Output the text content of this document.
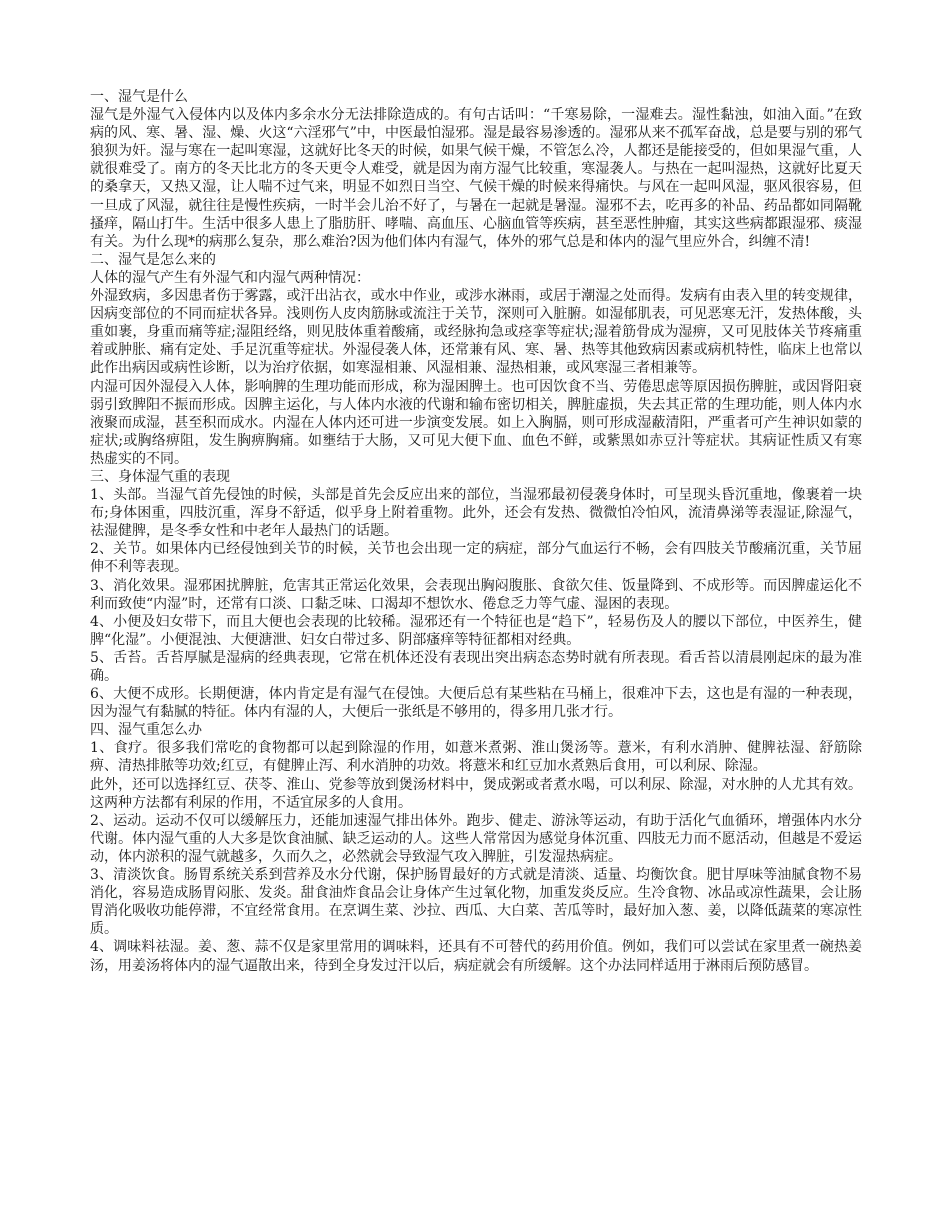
一、湿气是什么

湿气是外湿气入侵体内以及体内多余水分无法排除造成的。有句古话叫：“千寒易除，一湿难去。湿性黏浊，如油入面。”在致病的风、寒、暑、湿、燥、火这“六淫邪气”中，中医最怕湿邪。湿是最容易渗透的。湿邪从来不孤军奋战，总是要与别的邪气狼狈为奸。湿与寒在一起叫寒湿，这就好比冬天的时候，如果气候干燥，不管怎么冷，人都还是能接受的，但如果湿气重，人就很难受了。南方的冬天比北方的冬天更令人难受，就是因为南方湿气比较重，寒湿袭人。与热在一起叫湿热，这就好比夏天的桑拿天，又热又湿，让人喘不过气来，明显不如烈日当空、气候干燥的时候来得痛快。与风在一起叫风湿，驱风很容易，但一旦成了风湿，就往往是慢性疾病，一时半会儿治不好了，与暑在一起就是暑湿。湿邪不去，吃再多的补品、药品都如同隔靴搔痒，隔山打牛。生活中很多人患上了脂肪肝、哮喘、高血压、心脑血管等疾病，甚至恶性肿瘤，其实这些病都跟湿邪、痰湿有关。为什么现*的病那么复杂，那么难治?因为他们体内有湿气，体外的邪气总是和体内的湿气里应外合，纠缠不清!

二、湿气是怎么来的

人体的湿气产生有外湿气和内湿气两种情况：

外湿致病，多因患者伤于雾露，或汗出沾衣，或水中作业，或涉水淋雨，或居于潮湿之处而得。发病有由表入里的转变规律，因病变部位的不同而症状各异。浅则伤人皮肉筋脉或流注于关节，深则可入脏腑。如湿郁肌表，可见恶寒无汗，发热体酸，头重如裹，身重而痛等症;湿阻经络，则见肢体重着酸痛，或经脉拘急或痉挛等症状;湿着筋骨成为湿痹，又可见肢体关节疼痛重着或肿胀、痛有定处、手足沉重等症状。外湿侵袭人体，还常兼有风、寒、暑、热等其他致病因素或病机特性，临床上也常以此作出病因或病性诊断，以为治疗依据，如寒湿相兼、风湿相兼、湿热相兼，或风寒湿三者相兼等。

内湿可因外湿侵入人体，影响脾的生理功能而形成，称为湿困脾土。也可因饮食不当、劳倦思虑等原因损伤脾脏，或因肾阳衰弱引致脾阳不振而形成。因脾主运化，与人体内水液的代谢和输布密切相关，脾脏虚损，失去其正常的生理功能，则人体内水液聚而成湿，甚至积而成水。内湿在人体内还可进一步演变发展。如上入胸膈，则可形成湿蔽清阳，严重者可产生神识如蒙的症状;或胸络痹阻，发生胸痹胸痛。如壅结于大肠，又可见大便下血、血色不鲜，或紫黑如赤豆汁等症状。其病证性质又有寒热虚实的不同。

三、身体湿气重的表现

1、头部。当湿气首先侵蚀的时候，头部是首先会反应出来的部位，当湿邪最初侵袭身体时，可呈现头昏沉重地，像裹着一块布;身体困重，四肢沉重，浑身不舒适，似乎身上附着重物。此外，还会有发热、微微怕冷怕风，流清鼻涕等表湿证,除湿气，祛湿健脾，是冬季女性和中老年人最热门的话题。

2、关节。如果体内已经侵蚀到关节的时候，关节也会出现一定的病症，部分气血运行不畅，会有四肢关节酸痛沉重，关节屈伸不利等表现。

3、消化效果。湿邪困扰脾脏，危害其正常运化效果，会表现出胸闷腹胀、食欲欠佳、饭量降到、不成形等。而因脾虚运化不利而致使“内湿”时，还常有口淡、口黏乏味、口渴却不想饮水、倦怠乏力等气虚、湿困的表现。

4、小便及妇女带下，而且大便也会表现的比较稀。湿邪还有一个特征也是“趋下”，轻易伤及人的腰以下部位，中医养生，健脾“化湿”。小便混浊、大便溏泄、妇女白带过多、阴部瘙痒等特征都相对经典。

5、舌苔。舌苔厚腻是湿病的经典表现，它常在机体还没有表现出突出病态态势时就有所表现。看舌苔以清晨刚起床的最为准确。

6、大便不成形。长期便溏，体内肯定是有湿气在侵蚀。大便后总有某些粘在马桶上，很难冲下去，这也是有湿的一种表现，因为湿气有黏腻的特征。体内有湿的人，大便后一张纸是不够用的，得多用几张才行。

四、湿气重怎么办

1、食疗。很多我们常吃的食物都可以起到除湿的作用，如薏米煮粥、淮山煲汤等。薏米，有利水消肿、健脾祛湿、舒筋除痹、清热排脓等功效;红豆，有健脾止泻、利水消肿的功效。将薏米和红豆加水煮熟后食用，可以利尿、除湿。

此外，还可以选择红豆、茯苓、淮山、党参等放到煲汤材料中，煲成粥或者煮水喝，可以利尿、除湿，对水肿的人尤其有效。这两种方法都有利尿的作用，不适宜尿多的人食用。

2、运动。运动不仅可以缓解压力，还能加速湿气排出体外。跑步、健走、游泳等运动，有助于活化气血循环，增强体内水分代谢。体内湿气重的人大多是饮食油腻、缺乏运动的人。这些人常常因为感觉身体沉重、四肢无力而不愿活动，但越是不爱运动，体内淤积的湿气就越多，久而久之，必然就会导致湿气攻入脾脏，引发湿热病症。

3、清淡饮食。肠胃系统关系到营养及水分代谢，保护肠胃最好的方式就是清淡、适量、均衡饮食。肥甘厚味等油腻食物不易消化，容易造成肠胃闷胀、发炎。甜食油炸食品会让身体产生过氧化物，加重发炎反应。生冷食物、冰品或凉性蔬果，会让肠胃消化吸收功能停滞，不宜经常食用。在烹调生菜、沙拉、西瓜、大白菜、苦瓜等时，最好加入葱、姜，以降低蔬菜的寒凉性质。

4、调味料祛湿。姜、葱、蒜不仅是家里常用的调味料，还具有不可替代的药用价值。例如，我们可以尝试在家里煮一碗热姜汤，用姜汤将体内的湿气逼散出来，待到全身发过汗以后，病症就会有所缓解。这个办法同样适用于淋雨后预防感冒。
